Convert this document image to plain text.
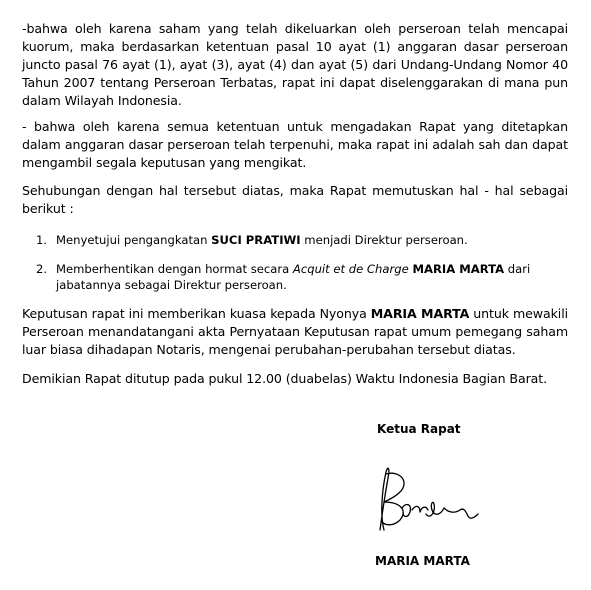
-bahwa oleh karena saham yang telah dikeluarkan oleh perseroan telah mencapai kuorum, maka berdasarkan ketentuan pasal 10 ayat (1) anggaran dasar perseroan juncto pasal 76 ayat (1), ayat (3), ayat (4) dan ayat (5) dari Undang-Undang Nomor 40 Tahun 2007 tentang Perseroan Terbatas, rapat ini dapat diselenggarakan di mana pun dalam Wilayah Indonesia.
- bahwa oleh karena semua ketentuan untuk mengadakan Rapat yang ditetapkan dalam anggaran dasar perseroan telah terpenuhi, maka rapat ini adalah sah dan dapat mengambil segala keputusan yang mengikat.
Sehubungan dengan hal tersebut diatas, maka Rapat memutuskan hal - hal sebagai berikut :
1. Menyetujui pengangkatan SUCI PRATIWI menjadi Direktur perseroan.
2. Memberhentikan dengan hormat secara Acquit et de Charge MARIA MARTA dari jabatannya sebagai Direktur perseroan.
Keputusan rapat ini memberikan kuasa kepada Nyonya MARIA MARTA untuk mewakili Perseroan menandatangani akta Pernyataan Keputusan rapat umum pemegang saham luar biasa dihadapan Notaris, mengenai perubahan-perubahan tersebut diatas.
Demikian Rapat ditutup pada pukul 12.00 (duabelas) Waktu Indonesia Bagian Barat.
Ketua Rapat
MARIA MARTA
